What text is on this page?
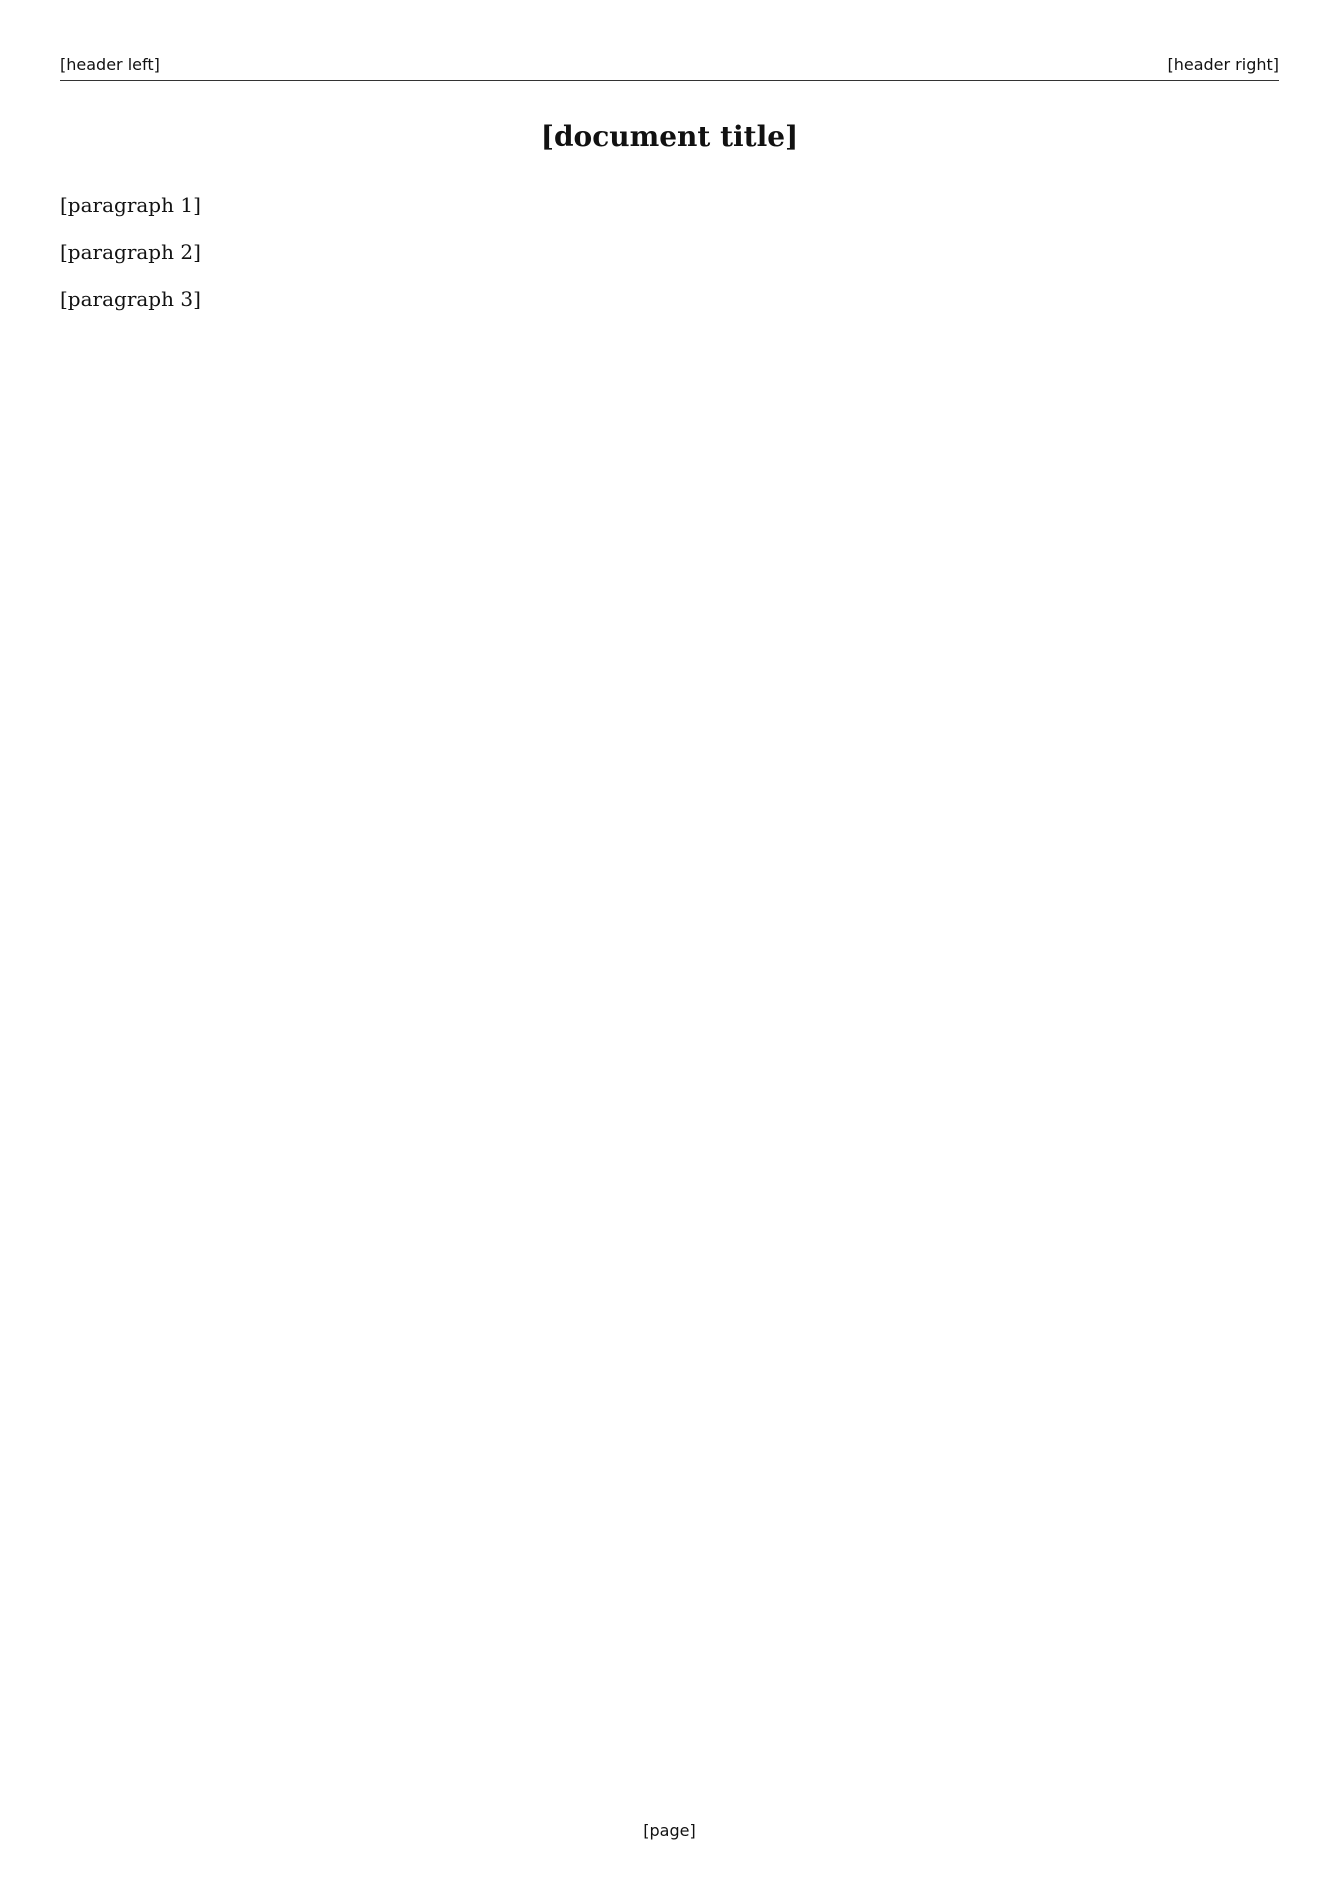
[header left]	[header right]
[document title]

[paragraph 1]

[paragraph 2]

[paragraph 3]

[page]
